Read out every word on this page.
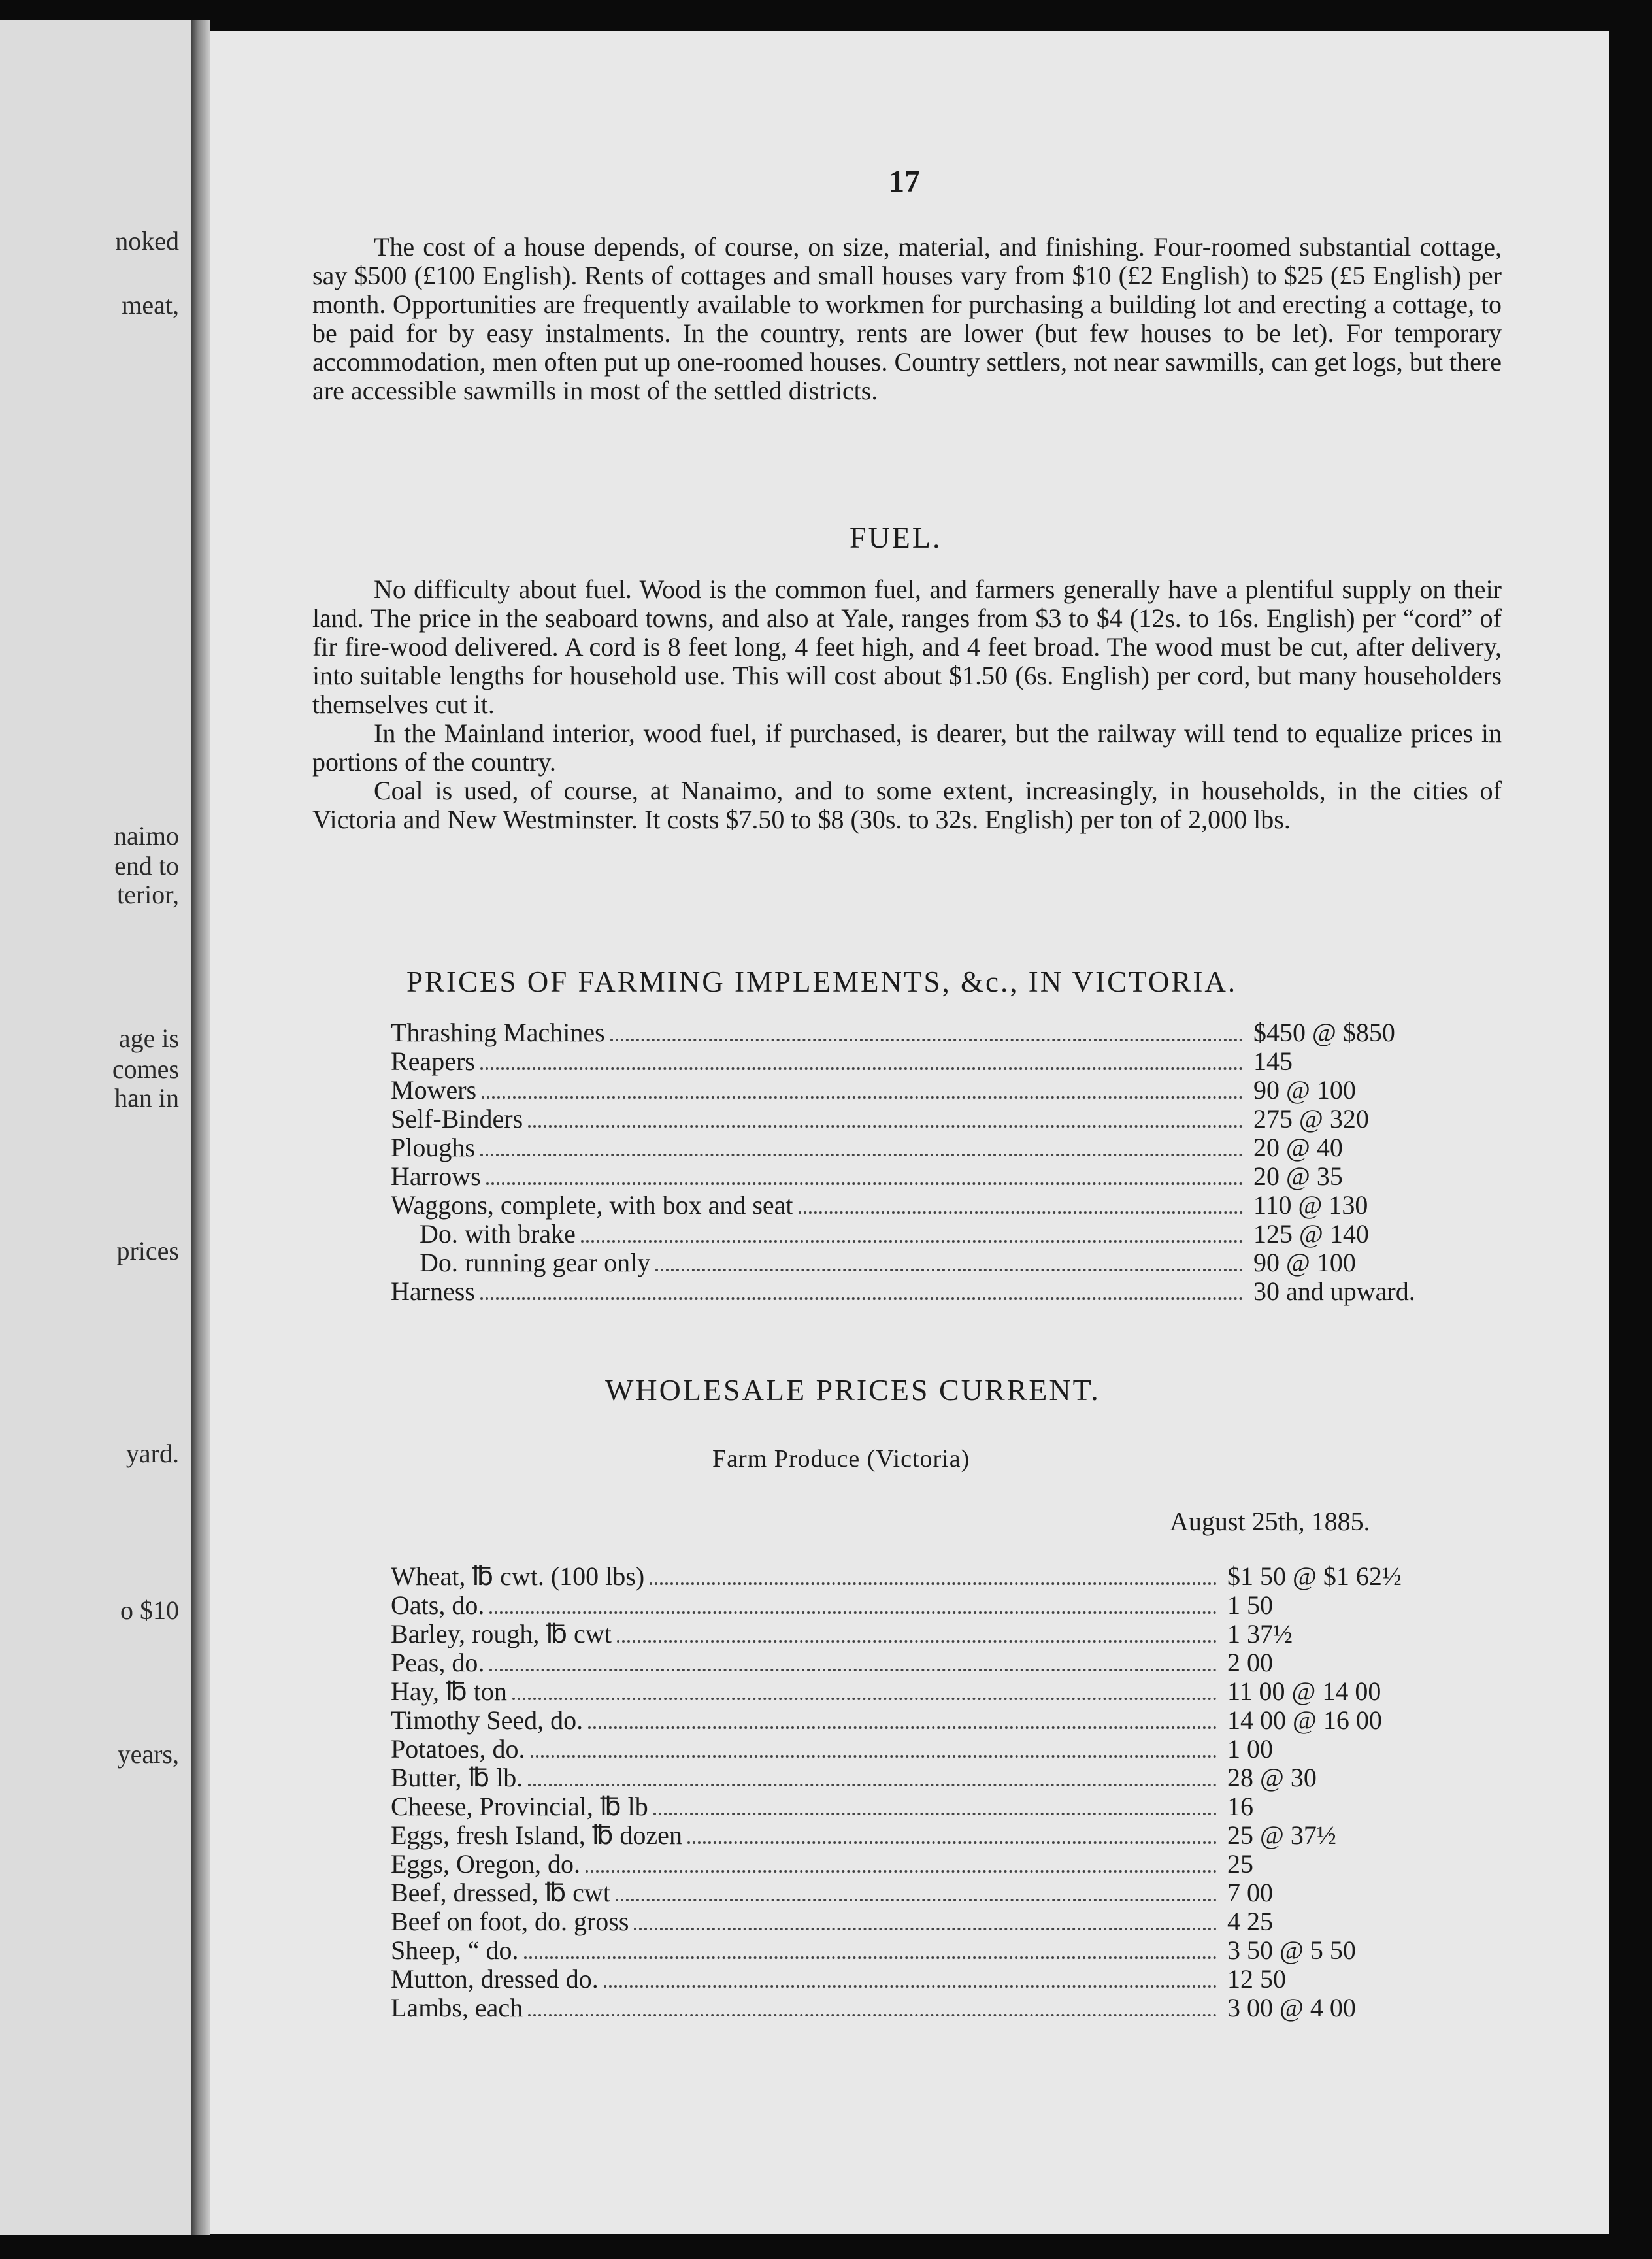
noked
meat,
naimo
end to
terior,
age is
comes
han in
prices
yard.
o $10
years,
17

The cost of a house depends, of course, on size, material, and finishing. Four-roomed substantial cottage, say $500 (£100 English). Rents of cottages and small houses vary from $10 (£2 English) to $25 (£5 English) per month. Opportunities are frequently available to workmen for purchasing a building lot and erecting a cottage, to be paid for by easy instalments. In the country, rents are lower (but few houses to be let). For temporary accommodation, men often put up one-roomed houses. Country settlers, not near sawmills, can get logs, but there are accessible sawmills in most of the settled districts.

FUEL.

No difficulty about fuel. Wood is the common fuel, and farmers generally have a plentiful supply on their land. The price in the seaboard towns, and also at Yale, ranges from $3 to $4 (12s. to 16s. English) per “cord” of fir fire-wood delivered. A cord is 8 feet long, 4 feet high, and 4 feet broad. The wood must be cut, after delivery, into suitable lengths for household use. This will cost about $1.50 (6s. English) per cord, but many householders themselves cut it.

In the Mainland interior, wood fuel, if purchased, is dearer, but the railway will tend to equalize prices in portions of the country.

Coal is used, of course, at Nanaimo, and to some extent, increasingly, in households, in the cities of Victoria and New Westminster. It costs $7.50 to $8 (30s. to 32s. English) per ton of 2,000 lbs.

PRICES OF FARMING IMPLEMENTS, &c., IN VICTORIA.
Thrashing Machines	$450 @ $850
Reapers	145
Mowers	90 @ 100
Self-Binders	275 @ 320
Ploughs	20 @ 40
Harrows	20 @ 35
Waggons, complete, with box and seat	110 @ 130
Do. with brake	125 @ 140
Do. running gear only	90 @ 100
Harness	30 and upward.
WHOLESALE PRICES CURRENT.
Farm Produce (Victoria)
August 25th, 1885.
Wheat, ℔ cwt. (100 lbs)	$1 50 @ $1 62½
Oats, do.	1 50
Barley, rough, ℔ cwt	1 37½
Peas, do.	2 00
Hay, ℔ ton	11 00 @ 14 00
Timothy Seed, do.	14 00 @ 16 00
Potatoes, do.	1 00
Butter, ℔ lb.	28 @ 30
Cheese, Provincial, ℔ lb	16
Eggs, fresh Island, ℔ dozen	25 @ 37½
Eggs, Oregon, do.	25
Beef, dressed, ℔ cwt	7 00
Beef on foot, do. gross	4 25
Sheep, “ do.	3 50 @ 5 50
Mutton, dressed do.	12 50
Lambs, each	3 00 @ 4 00
